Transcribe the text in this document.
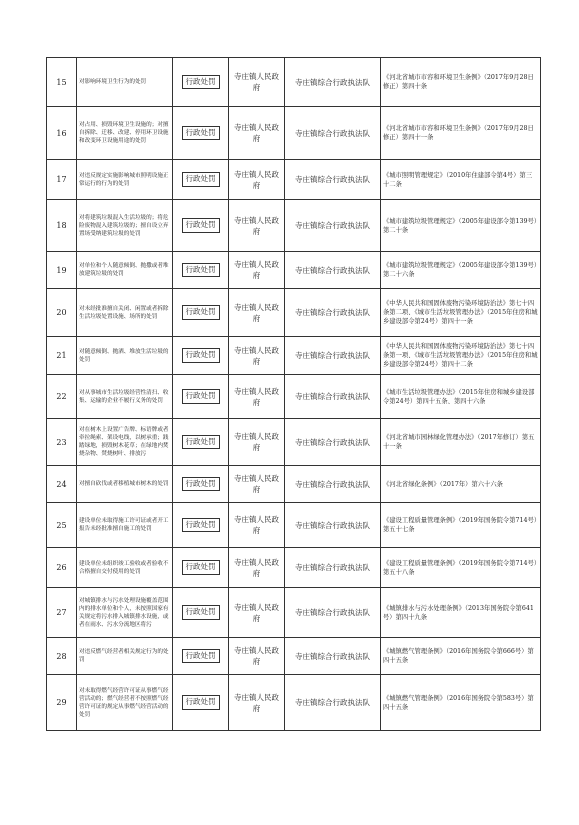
15	对影响环境卫生行为的处罚	行政处罚	寺庄镇人民政府	寺庄镇综合行政执法队	《河北省城市市容和环境卫生条例》（2017年9月28日修正）第四十条
16	对占用、损毁环境卫生设施的；对擅自拆除、迁移、改建、停用环卫设施和改变环卫设施用途的处罚	行政处罚	寺庄镇人民政府	寺庄镇综合行政执法队	《河北省城市市容和环境卫生条例》（2017年9月28日修正）第四十一条
17	对违反规定实施影响城市照明设施正常运行的行为的处罚	行政处罚	寺庄镇人民政府	寺庄镇综合行政执法队	《城市照明管理规定》（2010年住建部令第4号）第三十二条
18	对将建筑垃圾混入生活垃圾的；将危险废物混入建筑垃圾的；擅自设立弃置场受纳建筑垃圾的处罚	行政处罚	寺庄镇人民政府	寺庄镇综合行政执法队	《城市建筑垃圾管理规定》（2005年建设部令第139号）第二十条
19	对单位和个人随意倾倒、抛撒或者堆放建筑垃圾的处罚	行政处罚	寺庄镇人民政府	寺庄镇综合行政执法队	《城市建筑垃圾管理规定》（2005年建设部令第139号）第二十六条
20	对未经批准擅自关闭、闲置或者拆除生活垃圾处置设施、场所的处罚	行政处罚	寺庄镇人民政府	寺庄镇综合行政执法队	《中华人民共和国固体废物污染环境防治法》第七十四条第二项、《城市生活垃圾管理办法》（2015年住房和城乡建设部令第24号）第四十一条
21	对随意倾倒、抛洒、堆放生活垃圾的处罚	行政处罚	寺庄镇人民政府	寺庄镇综合行政执法队	《中华人民共和国固体废物污染环境防治法》第七十四条第一项、《城市生活垃圾管理办法》（2015年住房和城乡建设部令第24号）第四十二条
22	对从事城市生活垃圾经营性清扫、收集、运输的企业不履行义务的处罚	行政处罚	寺庄镇人民政府	寺庄镇综合行政执法队	《城市生活垃圾管理办法》（2015年住房和城乡建设部令第24号）第四十五条、第四十六条
23	对在树木上设置广告牌、标语牌或者牵拉绳索、架设电线，以树承重；践踏绿地，损毁树木花草；在绿地内焚烧杂物、焚烧树叶、排放污	行政处罚	寺庄镇人民政府	寺庄镇综合行政执法队	《河北省城市园林绿化管理办法》（2017年修订）第五十一条
24	对擅自砍伐或者移植城市树木的处罚	行政处罚	寺庄镇人民政府	寺庄镇综合行政执法队	《河北省绿化条例》（2017年）第六十六条
25	建设单位未取得施工许可证或者开工报告未经批准擅自施工的处罚	行政处罚	寺庄镇人民政府	寺庄镇综合行政执法队	《建设工程质量管理条例》（2019年国务院令第714号）第五十七条
26	建设单位未组织竣工验收或者验收不合格擅自交付使用的处罚	行政处罚	寺庄镇人民政府	寺庄镇综合行政执法队	《建设工程质量管理条例》（2019年国务院令第714号）第五十八条
27	对城镇排水与污水处理设施覆盖范围内的排水单位和个人，未按照国家有关规定将污水排入城镇排水设施，或者在雨水、污水分流地区将污	行政处罚	寺庄镇人民政府	寺庄镇综合行政执法队	《城镇排水与污水处理条例》（2013年国务院令第641号）第四十九条
28	对违反燃气经营者相关规定行为的处罚	行政处罚	寺庄镇人民政府	寺庄镇综合行政执法队	《城镇燃气管理条例》（2016年国务院令第666号）第四十五条
29	对未取得燃气经营许可证从事燃气经营活动的；燃气经营者不按照燃气经营许可证的规定从事燃气经营活动的处罚	行政处罚	寺庄镇人民政府	寺庄镇综合行政执法队	《城镇燃气管理条例》（2016年国务院令第583号）第四十五条
